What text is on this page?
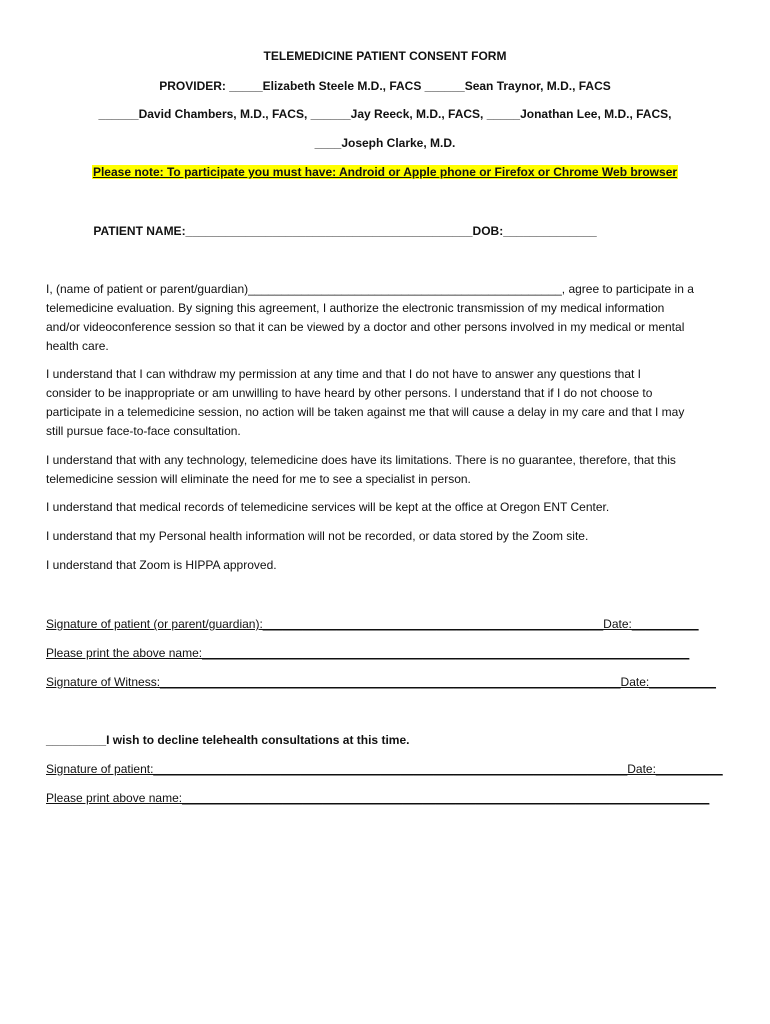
TELEMEDICINE PATIENT CONSENT FORM
PROVIDER: _____Elizabeth Steele M.D., FACS ______Sean Traynor, M.D., FACS
______David Chambers, M.D., FACS, ______Jay Reeck, M.D., FACS, _____Jonathan Lee, M.D., FACS,
____Joseph Clarke, M.D.
Please note: To participate you must have: Android or Apple phone or Firefox or Chrome Web browser
PATIENT NAME:___________________________________________DOB:______________

I, (name of patient or parent/guardian)_______________________________________________, agree to participate in a

telemedicine evaluation. By signing this agreement, I authorize the electronic transmission of my medical information

and/or videoconference session so that it can be viewed by a doctor and other persons involved in my medical or mental

health care.

I understand that I can withdraw my permission at any time and that I do not have to answer any questions that I

consider to be inappropriate or am unwilling to have heard by other persons. I understand that if I do not choose to

participate in a telemedicine session, no action will be taken against me that will cause a delay in my care and that I may

still pursue face-to-face consultation.

I understand that with any technology, telemedicine does have its limitations. There is no guarantee, therefore, that this

telemedicine session will eliminate the need for me to see a specialist in person.

I understand that medical records of telemedicine services will be kept at the office at Oregon ENT Center.

I understand that my Personal health information will not be recorded, or data stored by the Zoom site.

I understand that Zoom is HIPPA approved.

Signature of patient (or parent/guardian):___________________________________________________Date:__________
Please print the above name:_________________________________________________________________________
Signature of Witness:_____________________________________________________________________Date:__________
_________I wish to decline telehealth consultations at this time.
Signature of patient:_______________________________________________________________________Date:__________
Please print above name:_______________________________________________________________________________
